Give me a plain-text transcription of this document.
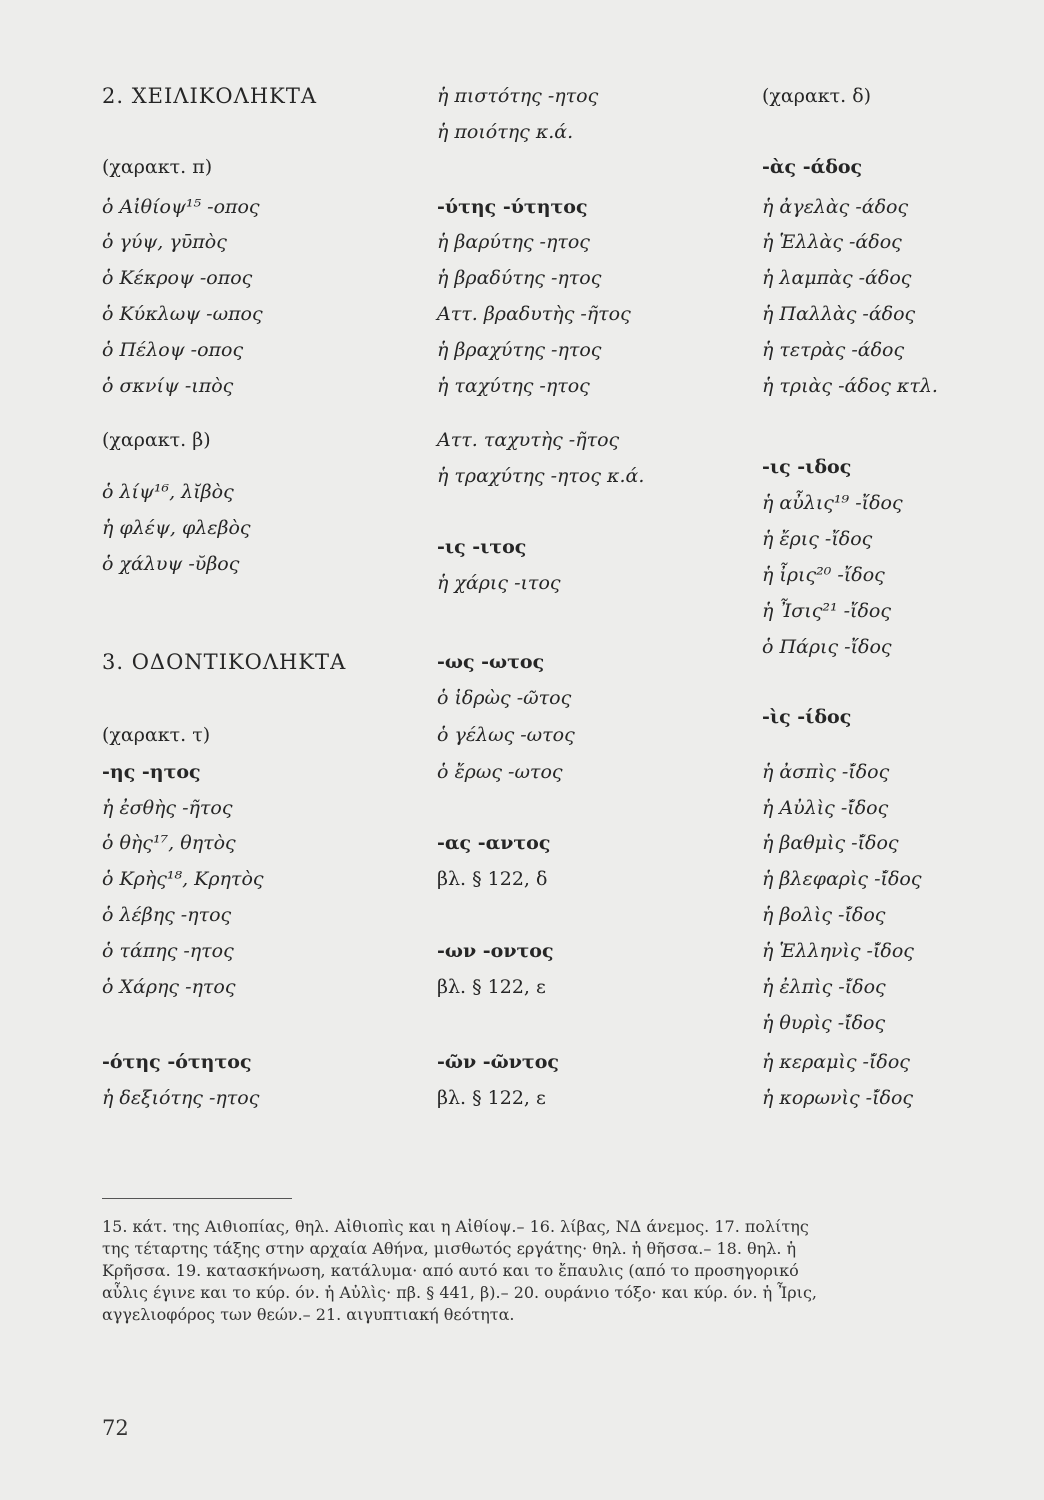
2. ΧΕΙΛΙΚΟΛΗΚΤΑ
(χαρακτ. π)
ὁ Αἰθίοψ¹⁵ -οπος
ὁ γύψ, γῡπὸς
ὁ Κέκροψ -οπος
ὁ Κύκλωψ -ωπος
ὁ Πέλοψ -οπος
ὁ σκνίψ -ιπὸς
(χαρακτ. β)
ὁ λίψ¹⁶, λῐβὸς
ἡ φλέψ, φλεβὸς
ὁ χάλυψ -ῠβος
3. ΟΔΟΝΤΙΚΟΛΗΚΤΑ
(χαρακτ. τ)
-ης -ητος
ἡ ἐσθὴς -ῆτος
ὁ θὴς¹⁷, θητὸς
ὁ Κρὴς¹⁸, Κρητὸς
ὁ λέβης -ητος
ὁ τάπης -ητος
ὁ Χάρης -ητος
-ότης -ότητος
ἡ δεξιότης -ητος
ἡ πιστότης -ητος
ἡ ποιότης κ.ά.
-ύτης -ύτητος
ἡ βαρύτης -ητος
ἡ βραδύτης -ητος
Αττ. βραδυτὴς -ῆτος
ἡ βραχύτης -ητος
ἡ ταχύτης -ητος
Αττ. ταχυτὴς -ῆτος
ἡ τραχύτης -ητος κ.ά.
-ις -ιτος
ἡ χάρις -ιτος
-ως -ωτος
ὁ ἱδρὼς -ῶτος
ὁ γέλως -ωτος
ὁ ἔρως -ωτος
-ας -αντος
βλ. § 122, δ
-ων -οντος
βλ. § 122, ε
-ῶν -ῶντος
βλ. § 122, ε
(χαρακτ. δ)
-ὰς -άδος
ἡ ἀγελὰς -άδος
ἡ Ἑλλὰς -άδος
ἡ λαμπὰς -άδος
ἡ Παλλὰς -άδος
ἡ τετρὰς -άδος
ἡ τριὰς -άδος κτλ.
-ις -ιδος
ἡ αὖλις¹⁹ -ἴδος
ἡ ἔρις -ἴδος
ἡ ἶρις²⁰ -ἴδος
ἡ Ἶσις²¹ -ἴδος
ὁ Πάρις -ἴδος
-ὶς -ίδος
ἡ ἀσπὶς -ῐ́δος
ἡ Αὐλὶς -ῐ́δος
ἡ βαθμὶς -ῐ́δος
ἡ βλεφαρὶς -ῐ́δος
ἡ βολὶς -ῐ́δος
ἡ Ἑλληνὶς -ῐ́δος
ἡ ἐλπὶς -ῐ́δος
ἡ θυρὶς -ῐ́δος
ἡ κεραμὶς -ῐ́δος
ἡ κορωνὶς -ῐ́δος
15. κάτ. της Αιθιοπίας, θηλ. Αἰθιοπὶς και η Αἰθίοψ.– 16. λίβας, ΝΔ άνεμος. 17. πολίτης
της τέταρτης τάξης στην αρχαία Αθήνα, μισθωτός εργάτης· θηλ. ἡ θῆσσα.– 18. θηλ. ἡ
Κρῆσσα. 19. κατασκήνωση, κατάλυμα· από αυτό και το ἔπαυλις (από το προσηγορικό
αὖλις έγινε και το κύρ. όν. ἡ Αὐλὶς· πβ. § 441, β).– 20. ουράνιο τόξο· και κύρ. όν. ἡ Ἶρις,
αγγελιοφόρος των θεών.– 21. αιγυπτιακή θεότητα.
72
